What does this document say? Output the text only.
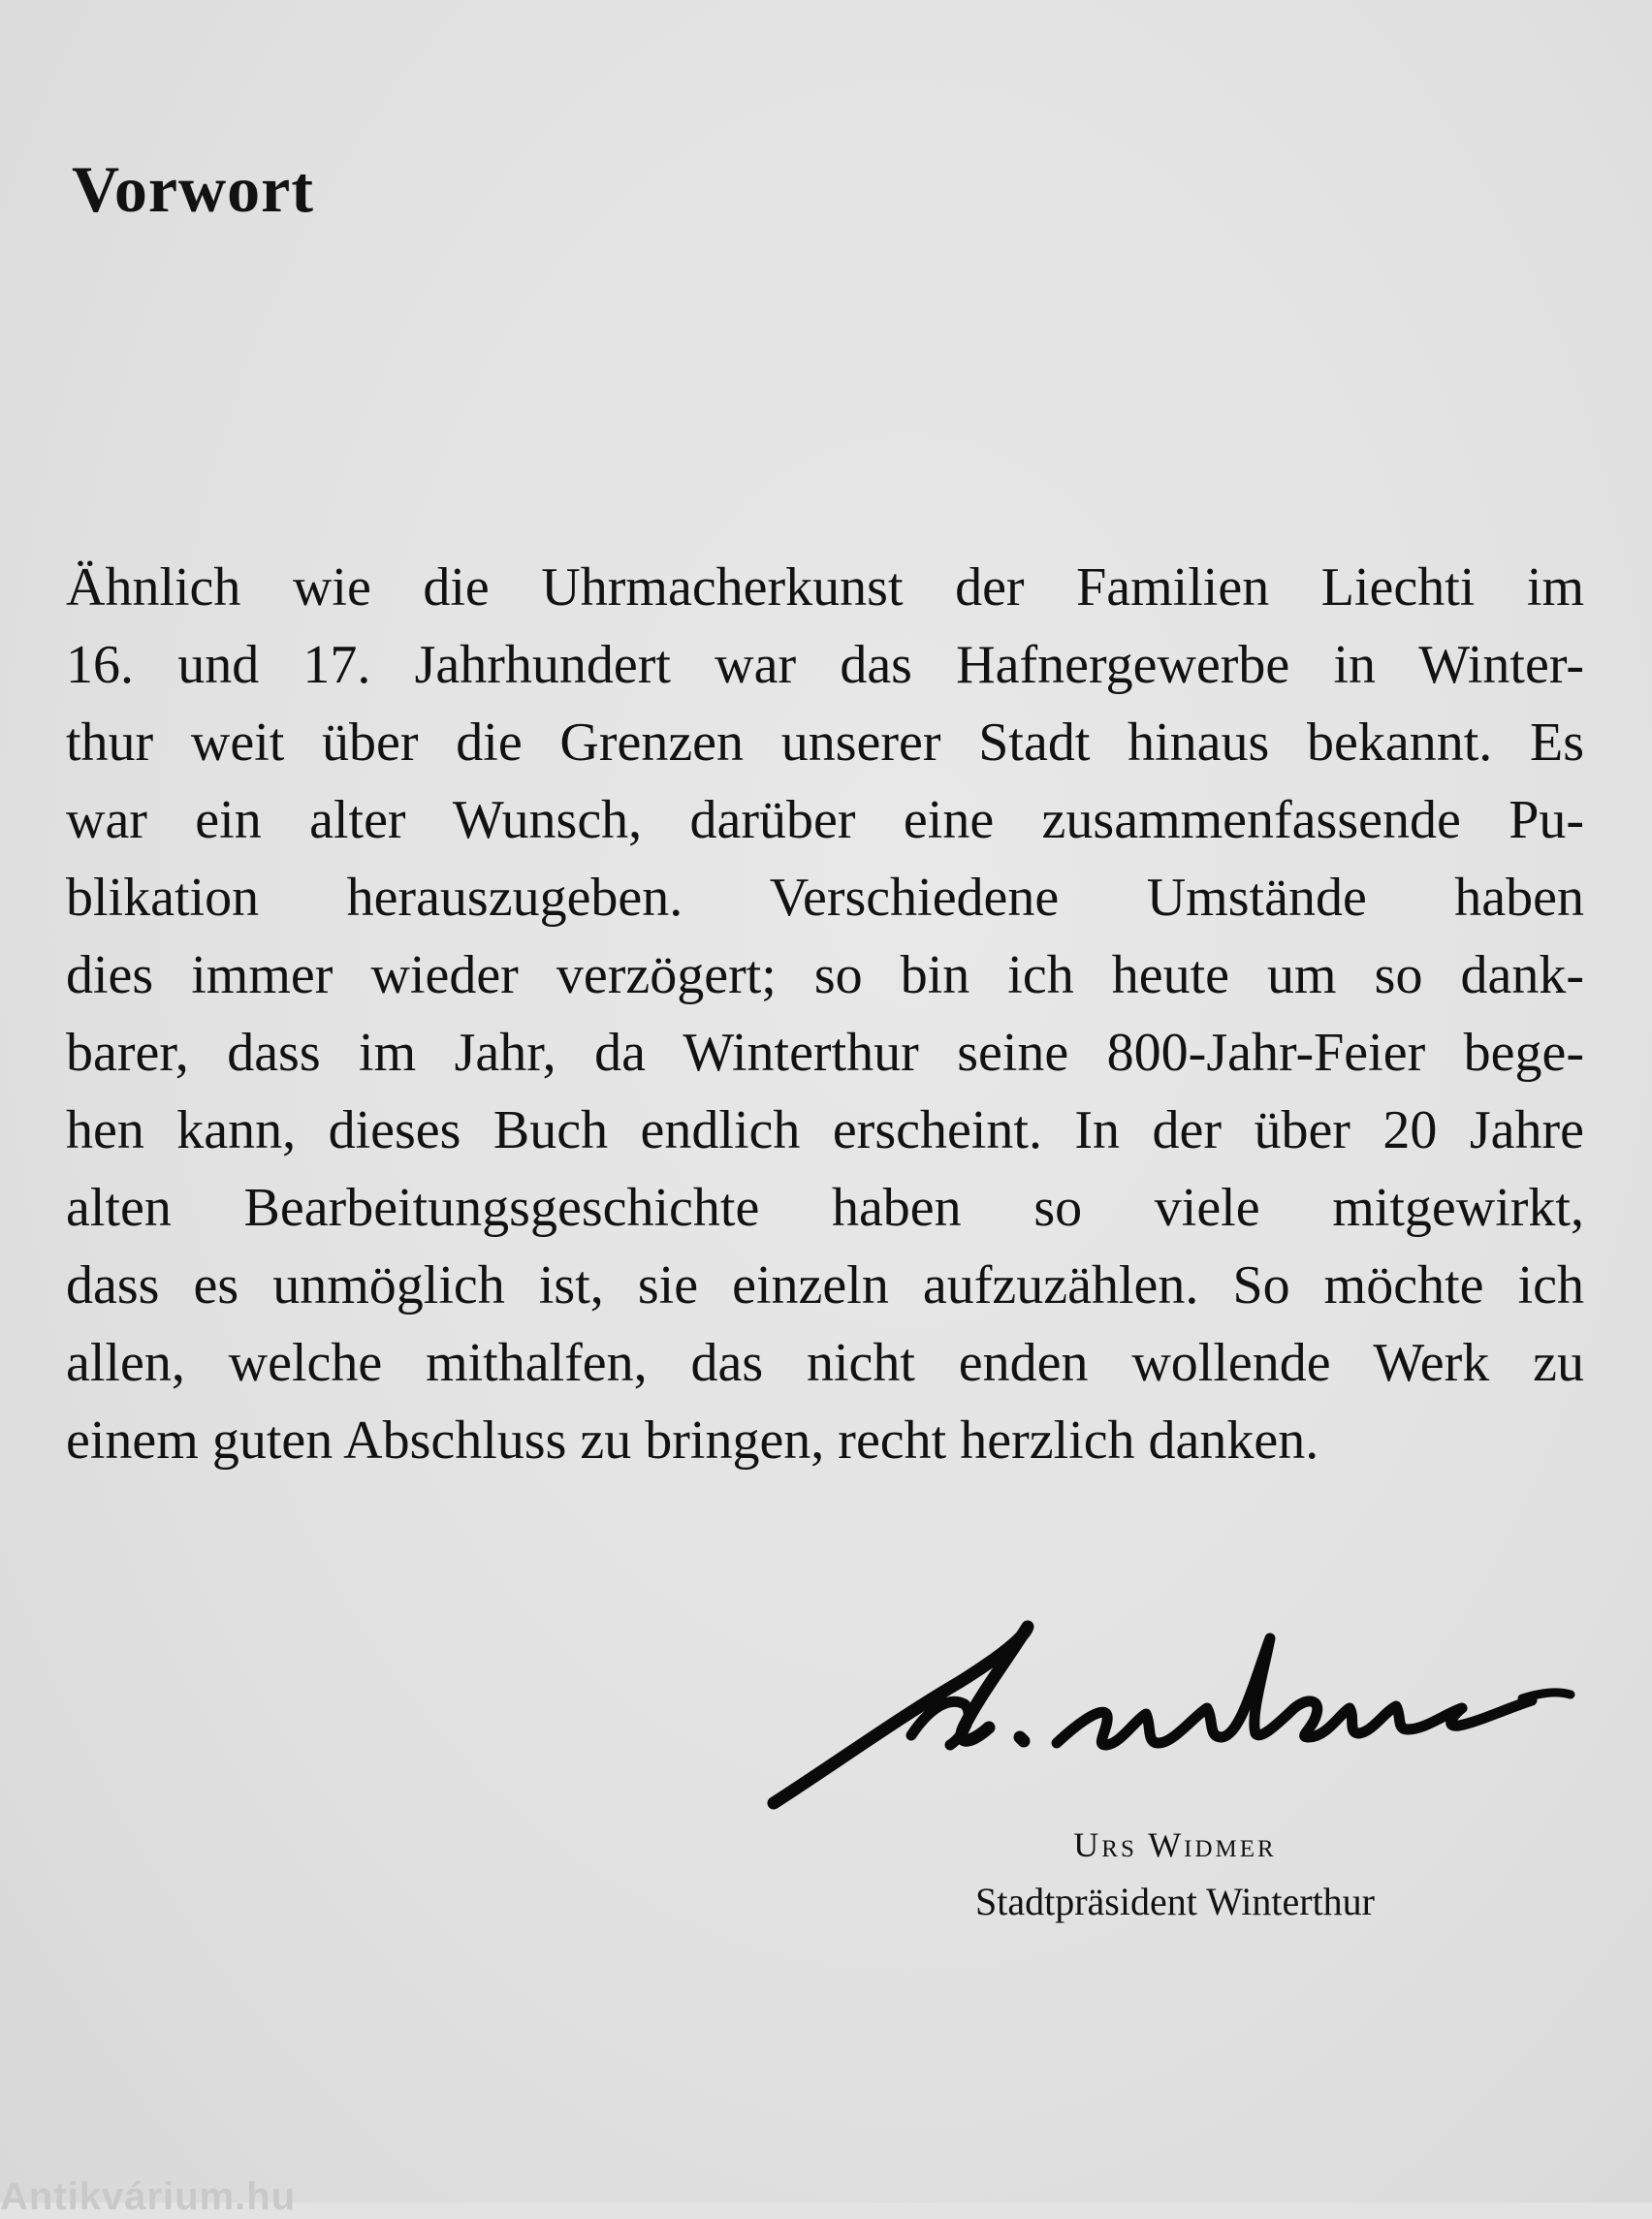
Vorwort
Ähnlich wie die Uhrmacherkunst der Familien Liechti im
16. und 17. Jahrhundert war das Hafnergewerbe in Winter-
thur weit über die Grenzen unserer Stadt hinaus bekannt. Es
war ein alter Wunsch, darüber eine zusammenfassende Pu-
blikation herauszugeben. Verschiedene Umstände haben
dies immer wieder verzögert; so bin ich heute um so dank-
barer, dass im Jahr, da Winterthur seine 800-Jahr-Feier bege-
hen kann, dieses Buch endlich erscheint. In der über 20 Jahre
alten Bearbeitungsgeschichte haben so viele mitgewirkt,
dass es unmöglich ist, sie einzeln aufzuzählen. So möchte ich
allen, welche mithalfen, das nicht enden wollende Werk zu
einem guten Abschluss zu bringen, recht herzlich danken.

Urs Widmer

Stadtpräsident Winterthur

Antikvárium.hu
